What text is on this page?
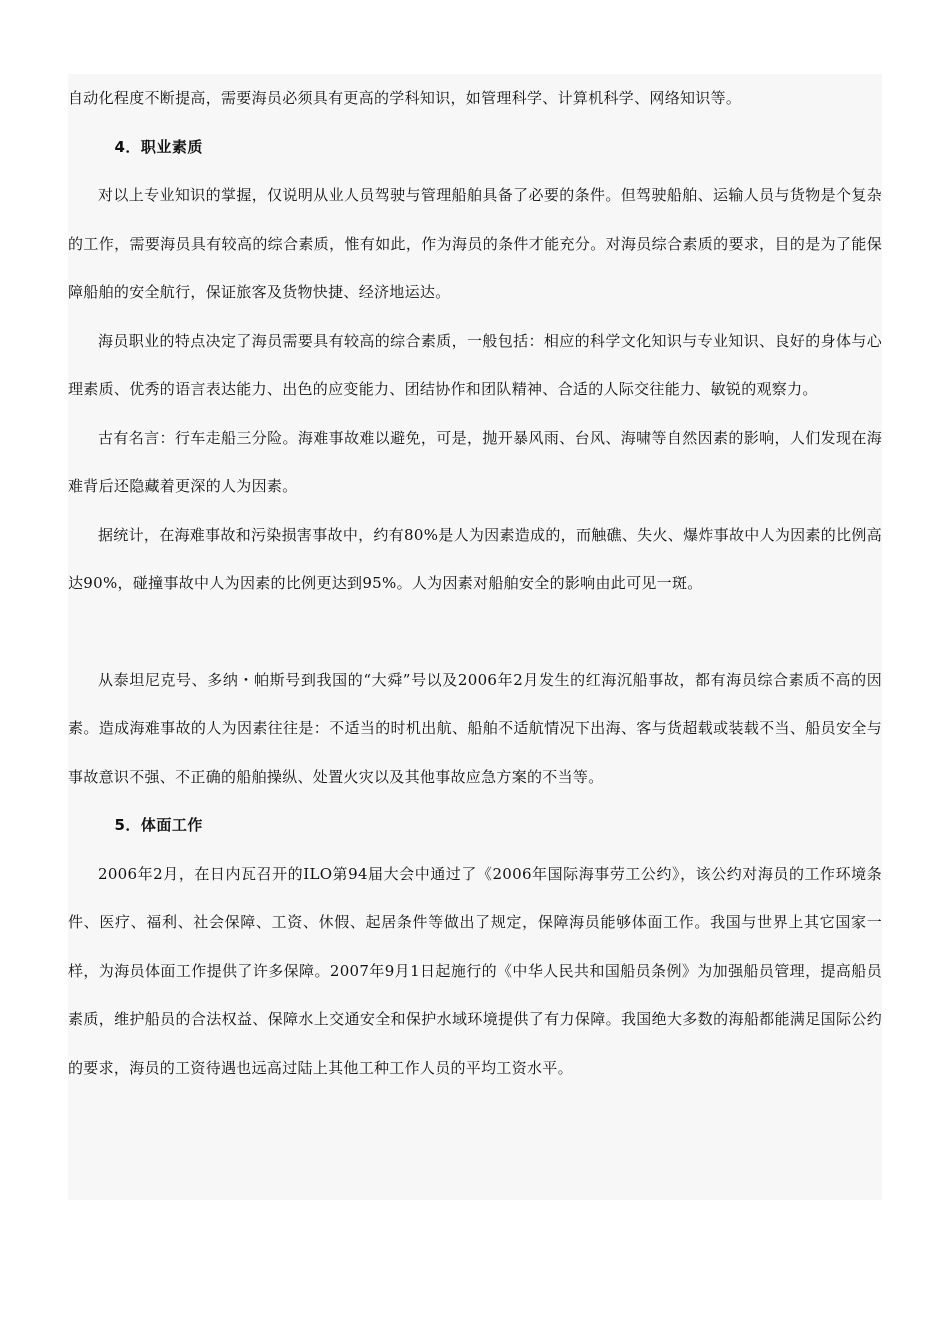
自动化程度不断提高，需要海员必须具有更高的学科知识，如管理科学、计算机科学、网络知识等。

4．职业素质

对以上专业知识的掌握，仅说明从业人员驾驶与管理船舶具备了必要的条件。但驾驶船舶、运输人员与货物是个复杂的工作，需要海员具有较高的综合素质，惟有如此，作为海员的条件才能充分。对海员综合素质的要求，目的是为了能保障船舶的安全航行，保证旅客及货物快捷、经济地运达。

海员职业的特点决定了海员需要具有较高的综合素质，一般包括：相应的科学文化知识与专业知识、良好的身体与心理素质、优秀的语言表达能力、出色的应变能力、团结协作和团队精神、合适的人际交往能力、敏锐的观察力。

古有名言：行车走船三分险。海难事故难以避免，可是，抛开暴风雨、台风、海啸等自然因素的影响，人们发现在海难背后还隐藏着更深的人为因素。

据统计，在海难事故和污染损害事故中，约有80%是人为因素造成的，而触礁、失火、爆炸事故中人为因素的比例高达90%，碰撞事故中人为因素的比例更达到95%。人为因素对船舶安全的影响由此可见一斑。

从泰坦尼克号、多纳・帕斯号到我国的“大舜”号以及2006年2月发生的红海沉船事故，都有海员综合素质不高的因素。造成海难事故的人为因素往往是：不适当的时机出航、船舶不适航情况下出海、客与货超载或装载不当、船员安全与事故意识不强、不正确的船舶操纵、处置火灾以及其他事故应急方案的不当等。

5．体面工作

2006年2月，在日内瓦召开的ILO第94届大会中通过了《2006年国际海事劳工公约》，该公约对海员的工作环境条件、医疗、福利、社会保障、工资、休假、起居条件等做出了规定，保障海员能够体面工作。我国与世界上其它国家一样，为海员体面工作提供了许多保障。2007年9月1日起施行的《中华人民共和国船员条例》为加强船员管理，提高船员素质，维护船员的合法权益、保障水上交通安全和保护水域环境提供了有力保障。我国绝大多数的海船都能满足国际公约的要求，海员的工资待遇也远高过陆上其他工种工作人员的平均工资水平。
